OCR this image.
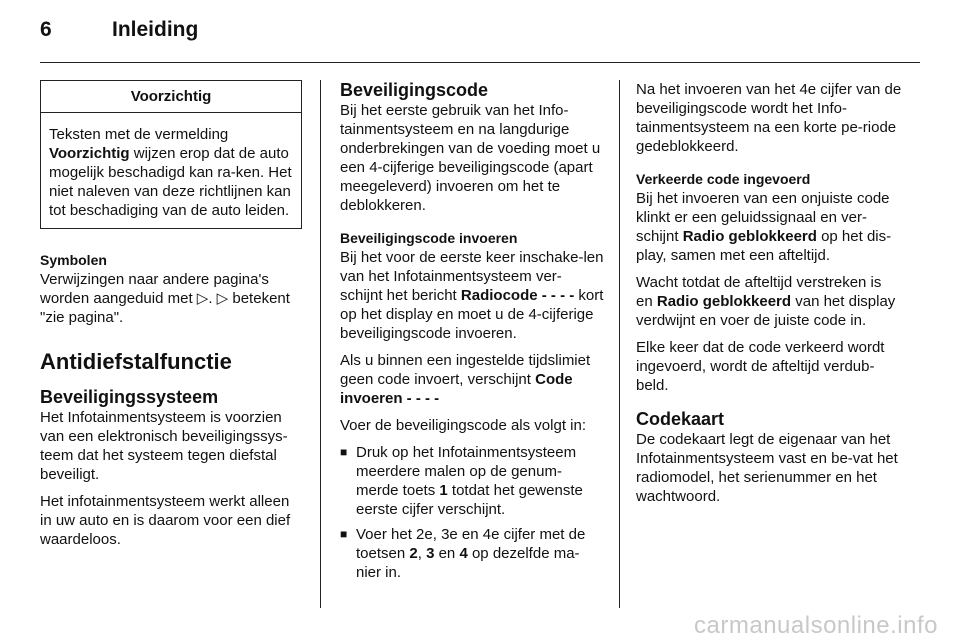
6	Inleiding
Voorzichtig
Teksten met de vermelding Voorzichtig wijzen erop dat de auto mogelijk beschadigd kan ra-ken. Het niet naleven van deze richtlijnen kan tot beschadiging van de auto leiden.
Symbolen

Verwijzingen naar andere pagina's worden aangeduid met ▷. ▷ betekent "zie pagina".

Antidiefstalfunctie
Beveiligingssysteem

Het Infotainmentsysteem is voorzien van een elektronisch beveiligingssys-teem dat het systeem tegen diefstal beveiligt.

Het infotainmentsysteem werkt alleen in uw auto en is daarom voor een dief waardeloos.

Beveiligingscode

Bij het eerste gebruik van het Info-tainmentsysteem en na langdurige onderbrekingen van de voeding moet u een 4-cijferige beveiligingscode (apart meegeleverd) invoeren om het te deblokkeren.

Beveiligingscode invoeren

Bij het voor de eerste keer inschake-len van het Infotainmentsysteem ver-schijnt het bericht Radiocode - - - - kort op het display en moet u de 4-cijferige beveiligingscode invoeren.

Als u binnen een ingestelde tijdslimiet geen code invoert, verschijnt Code invoeren - - - -

Voer de beveiligingscode als volgt in:

■ Druk op het Infotainmentsysteem meerdere malen op de genum-merde toets 1 totdat het gewenste eerste cijfer verschijnt.
■ Voer het 2e, 3e en 4e cijfer met de toetsen 2, 3 en 4 op dezelfde ma-nier in.

Na het invoeren van het 4e cijfer van de beveiligingscode wordt het Info-tainmentsysteem na een korte pe-riode gedeblokkeerd.

Verkeerde code ingevoerd

Bij het invoeren van een onjuiste code klinkt er een geluidssignaal en ver-schijnt Radio geblokkeerd op het dis-play, samen met een afteltijd.

Wacht totdat de afteltijd verstreken is en Radio geblokkeerd van het display verdwijnt en voer de juiste code in.

Elke keer dat de code verkeerd wordt ingevoerd, wordt de afteltijd verdub-beld.

Codekaart

De codekaart legt de eigenaar van het Infotainmentsysteem vast en be-vat het radiomodel, het serienummer en het wachtwoord.

carmanualsonline.info
